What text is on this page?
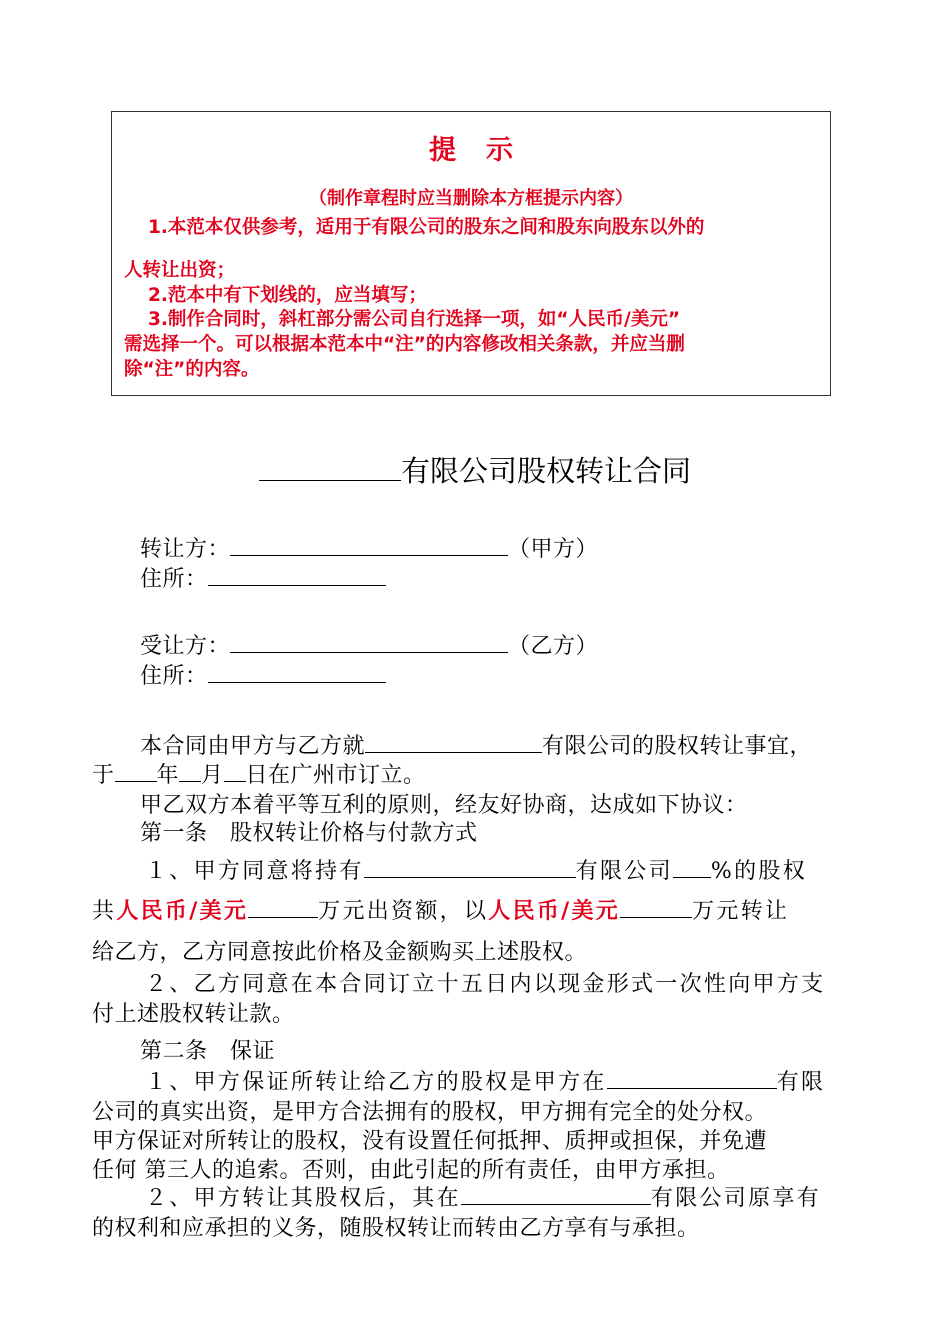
提示
（制作章程时应当删除本方框提示内容）
1.本范本仅供参考，适用于有限公司的股东之间和股东向股东以外的
人转让出资；
2.范本中有下划线的，应当填写；
3.制作合同时，斜杠部分需公司自行选择一项，如“人民币/美元”
需选择一个。可以根据本范本中“注”的内容修改相关条款，并应当删
除“注”的内容。
有限公司股权转让合同
转让方：	（甲方）
住所：
受让方：	（乙方）
住所：
本合同由甲方与乙方就	有限公司的股权转让事宜，
于 年 月 日在广州市订立。
甲乙双方本着平等互利的原则，经友好协商，达成如下协议：
第一条　股权转让价格与付款方式
１、甲方同意将持有	有限公司 %的股权
共人民币/美元	万元出资额，以人民币/美元	万元转让
给乙方，乙方同意按此价格及金额购买上述股权。
２、乙方同意在本合同订立十五日内以现金形式一次性向甲方支
付上述股权转让款。
第二条　保证
１、甲方保证所转让给乙方的股权是甲方在	有限
公司的真实出资，是甲方合法拥有的股权，甲方拥有完全的处分权。
甲方保证对所转让的股权，没有设置任何抵押、质押或担保，并免遭
任何 第三人的追索。否则，由此引起的所有责任，由甲方承担。
２、甲方转让其股权后，其在	有限公司原享有
的权利和应承担的义务，随股权转让而转由乙方享有与承担。
